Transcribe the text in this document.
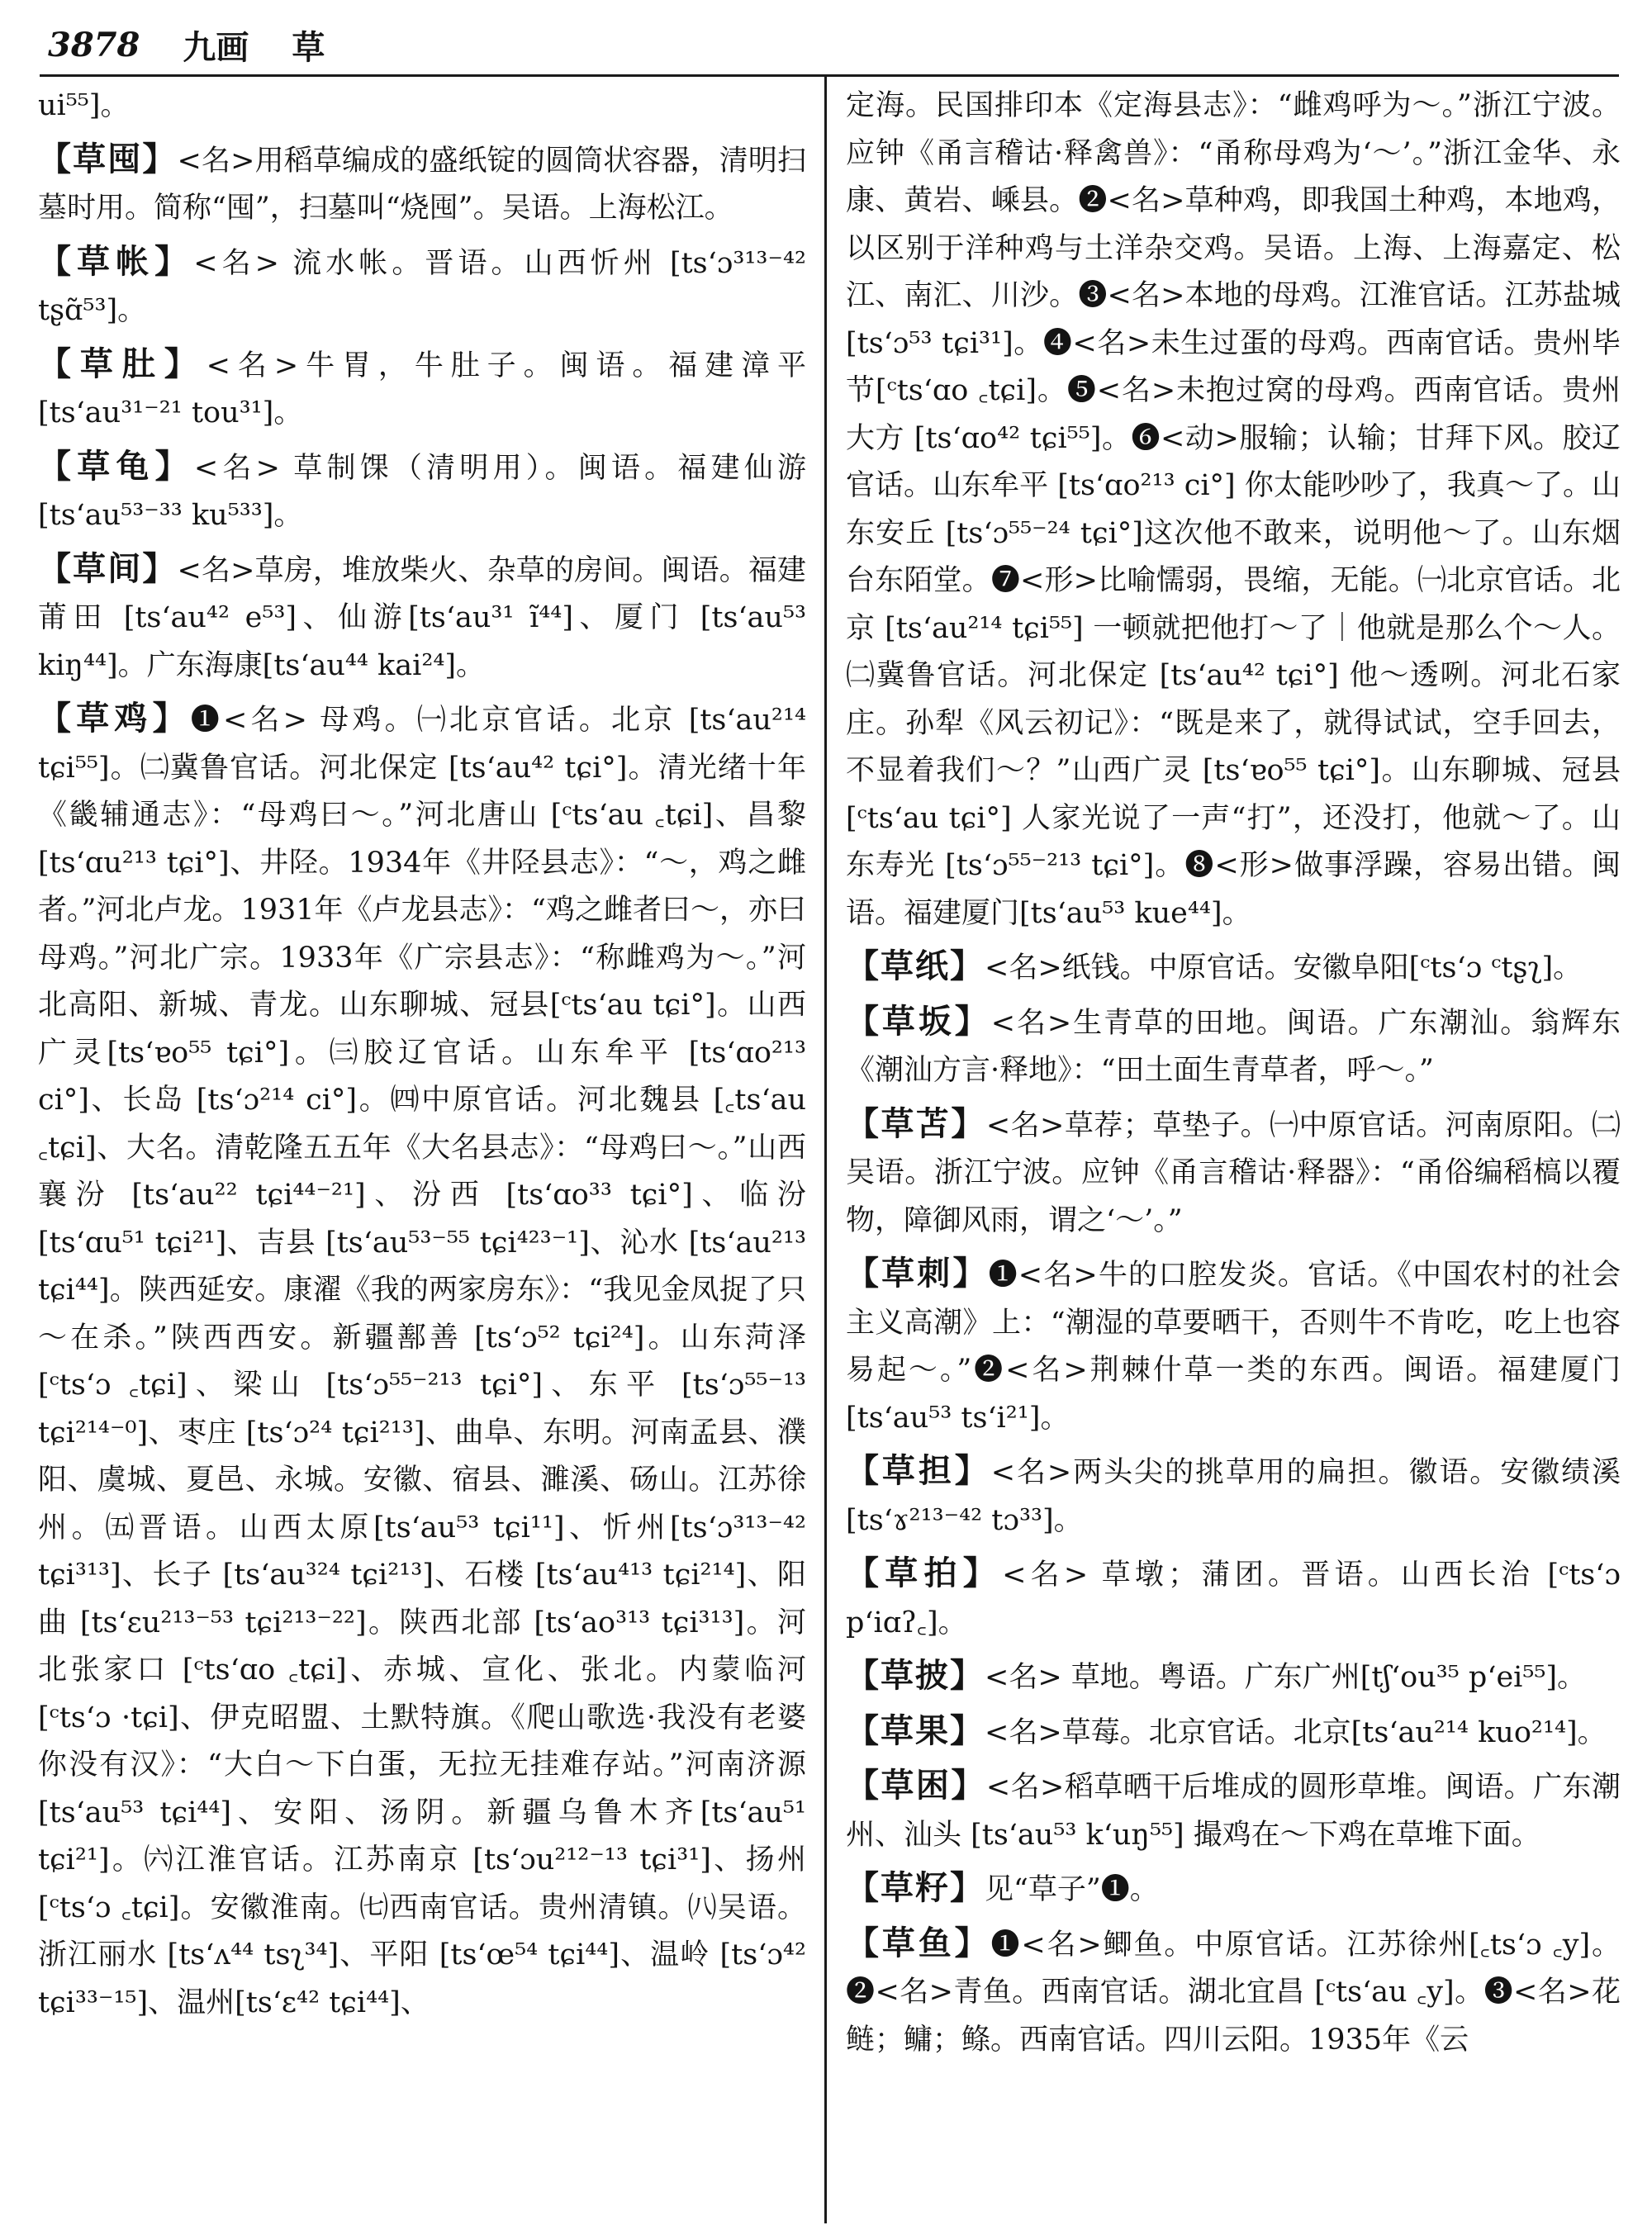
3878 九画 草

ui⁵⁵]。

【草囤】<名>用稻草编成的盛纸锭的圆筒状容器，清明扫墓时用。简称“囤”，扫墓叫“烧囤”。吴语。上海松江。

【草帐】<名> 流水帐。晋语。山西忻州 [tsʻɔ³¹³⁻⁴² tʂɑ̃⁵³]。

【草肚】<名>牛胃，牛肚子。闽语。福建漳平 [tsʻau³¹⁻²¹ tou³¹]。

【草龟】<名> 草制馃（清明用）。闽语。福建仙游 [tsʻau⁵³⁻³³ ku⁵³³]。

【草间】<名>草房，堆放柴火、杂草的房间。闽语。福建莆田 [tsʻau⁴² e⁵³]、仙游[tsʻau³¹ ĩ⁴⁴]、厦门 [tsʻau⁵³ kiŋ⁴⁴]。广东海康[tsʻau⁴⁴ kai²⁴]。

【草鸡】❶<名> 母鸡。㈠北京官话。北京 [tsʻau²¹⁴ tɕi⁵⁵]。㈡冀鲁官话。河北保定 [tsʻau⁴² tɕi°]。清光绪十年《畿辅通志》：“母鸡曰～。”河北唐山 [ᶜtsʻau ꜀tɕi]、昌黎 [tsʻɑu²¹³ tɕi°]、井陉。1934年《井陉县志》：“～，鸡之雌者。”河北卢龙。1931年《卢龙县志》：“鸡之雌者曰～，亦曰母鸡。”河北广宗。1933年《广宗县志》：“称雌鸡为～。”河北高阳、新城、青龙。山东聊城、冠县[ᶜtsʻau tɕi°]。山西广灵[tsʻɐo⁵⁵ tɕi°]。㈢胶辽官话。山东牟平 [tsʻɑo²¹³ ci°]、长岛 [tsʻɔ²¹⁴ ci°]。㈣中原官话。河北魏县 [꜀tsʻau ꜀tɕi]、大名。清乾隆五五年《大名县志》：“母鸡曰～。”山西襄汾 [tsʻau²² tɕi⁴⁴⁻²¹]、汾西 [tsʻɑo³³ tɕi°]、临汾 [tsʻɑu⁵¹ tɕi²¹]、吉县 [tsʻau⁵³⁻⁵⁵ tɕi⁴²³⁻¹]、沁水 [tsʻau²¹³ tɕi⁴⁴]。陕西延安。康濯《我的两家房东》：“我见金凤捉了只～在杀。”陕西西安。新疆鄯善 [tsʻɔ⁵² tɕi²⁴]。山东菏泽 [ᶜtsʻɔ ꜀tɕi]、梁山 [tsʻɔ⁵⁵⁻²¹³ tɕi°]、东平 [tsʻɔ⁵⁵⁻¹³ tɕi²¹⁴⁻⁰]、枣庄 [tsʻɔ²⁴ tɕi²¹³]、曲阜、东明。河南孟县、濮阳、虞城、夏邑、永城。安徽、宿县、濉溪、砀山。江苏徐州。㈤晋语。山西太原[tsʻau⁵³ tɕi¹¹]、忻州[tsʻɔ³¹³⁻⁴² tɕi³¹³]、长子 [tsʻau³²⁴ tɕi²¹³]、石楼 [tsʻau⁴¹³ tɕi²¹⁴]、阳曲 [tsʻɛu²¹³⁻⁵³ tɕi²¹³⁻²²]。陕西北部 [tsʻao³¹³ tɕi³¹³]。河北张家口 [ᶜtsʻɑo ꜀tɕi]、赤城、宣化、张北。内蒙临河 [ᶜtsʻɔ ·tɕi]、伊克昭盟、土默特旗。《爬山歌选·我没有老婆你没有汉》：“大白～下白蛋，无拉无挂难存站。”河南济源 [tsʻau⁵³ tɕi⁴⁴]、安阳、汤阴。新疆乌鲁木齐[tsʻau⁵¹ tɕi²¹]。㈥江淮官话。江苏南京 [tsʻɔu²¹²⁻¹³ tɕi³¹]、扬州 [ᶜtsʻɔ ꜀tɕi]。安徽淮南。㈦西南官话。贵州清镇。㈧吴语。浙江丽水 [tsʻʌ⁴⁴ tsʅ³⁴]、平阳 [tsʻœ⁵⁴ tɕi⁴⁴]、温岭 [tsʻɔ⁴² tɕi³³⁻¹⁵]、温州[tsʻɛ⁴² tɕi⁴⁴]、

定海。民国排印本《定海县志》：“雌鸡呼为～。”浙江宁波。应钟《甬言稽诂·释禽兽》：“甬称母鸡为‘～’。”浙江金华、永康、黄岩、嵊县。❷<名>草种鸡，即我国土种鸡，本地鸡，以区别于洋种鸡与土洋杂交鸡。吴语。上海、上海嘉定、松江、南汇、川沙。❸<名>本地的母鸡。江淮官话。江苏盐城 [tsʻɔ⁵³ tɕi³¹]。❹<名>未生过蛋的母鸡。西南官话。贵州毕节[ᶜtsʻɑo ꜀tɕi]。❺<名>未抱过窝的母鸡。西南官话。贵州大方 [tsʻɑo⁴² tɕi⁵⁵]。❻<动>服输；认输；甘拜下风。胶辽官话。山东牟平 [tsʻɑo²¹³ ci°] 你太能吵吵了，我真～了。山东安丘 [tsʻɔ⁵⁵⁻²⁴ tɕi°]这次他不敢来，说明他～了。山东烟台东陌堂。❼<形>比喻懦弱，畏缩，无能。㈠北京官话。北京 [tsʻau²¹⁴ tɕi⁵⁵] 一顿就把他打～了｜他就是那么个～人。㈡冀鲁官话。河北保定 [tsʻau⁴² tɕi°] 他～透咧。河北石家庄。孙犁《风云初记》：“既是来了，就得试试，空手回去，不显着我们～？”山西广灵 [tsʻɐo⁵⁵ tɕi°]。山东聊城、冠县 [ᶜtsʻau tɕi°] 人家光说了一声“打”，还没打，他就～了。山东寿光 [tsʻɔ⁵⁵⁻²¹³ tɕi°]。❽<形>做事浮躁，容易出错。闽语。福建厦门[tsʻau⁵³ kue⁴⁴]。

【草纸】<名>纸钱。中原官话。安徽阜阳[ᶜtsʻɔ ᶜtʂʅ]。

【草坂】<名>生青草的田地。闽语。广东潮汕。翁辉东《潮汕方言·释地》：“田土面生青草者，呼～。”

【草苫】<名>草荐；草垫子。㈠中原官话。河南原阳。㈡吴语。浙江宁波。应钟《甬言稽诂·释器》：“甬俗编稻槁以覆物，障御风雨，谓之‘～’。”

【草刺】❶<名>牛的口腔发炎。官话。《中国农村的社会主义高潮》上：“潮湿的草要晒干，否则牛不肯吃，吃上也容易起～。”❷<名>荆棘什草一类的东西。闽语。福建厦门 [tsʻau⁵³ tsʻi²¹]。

【草担】<名>两头尖的挑草用的扁担。徽语。安徽绩溪 [tsʻɤ²¹³⁻⁴² tɔ³³]。

【草拍】<名> 草墩；蒲团。晋语。山西长治 [ᶜtsʻɔ pʻiɑʔ꜀]。

【草披】<名> 草地。粤语。广东广州[tʃʻou³⁵ pʻei⁵⁵]。

【草果】<名>草莓。北京官话。北京[tsʻau²¹⁴ kuo²¹⁴]。

【草困】<名>稻草晒干后堆成的圆形草堆。闽语。广东潮州、汕头 [tsʻau⁵³ kʻuŋ⁵⁵] 撮鸡在～下鸡在草堆下面。

【草籽】见“草子”❶。

【草鱼】❶<名>鲫鱼。中原官话。江苏徐州[꜀tsʻɔ ꜀y]。❷<名>青鱼。西南官话。湖北宜昌 [ᶜtsʻau ꜀y]。❸<名>花鲢；鳙；鲦。西南官话。四川云阳。1935年《云
